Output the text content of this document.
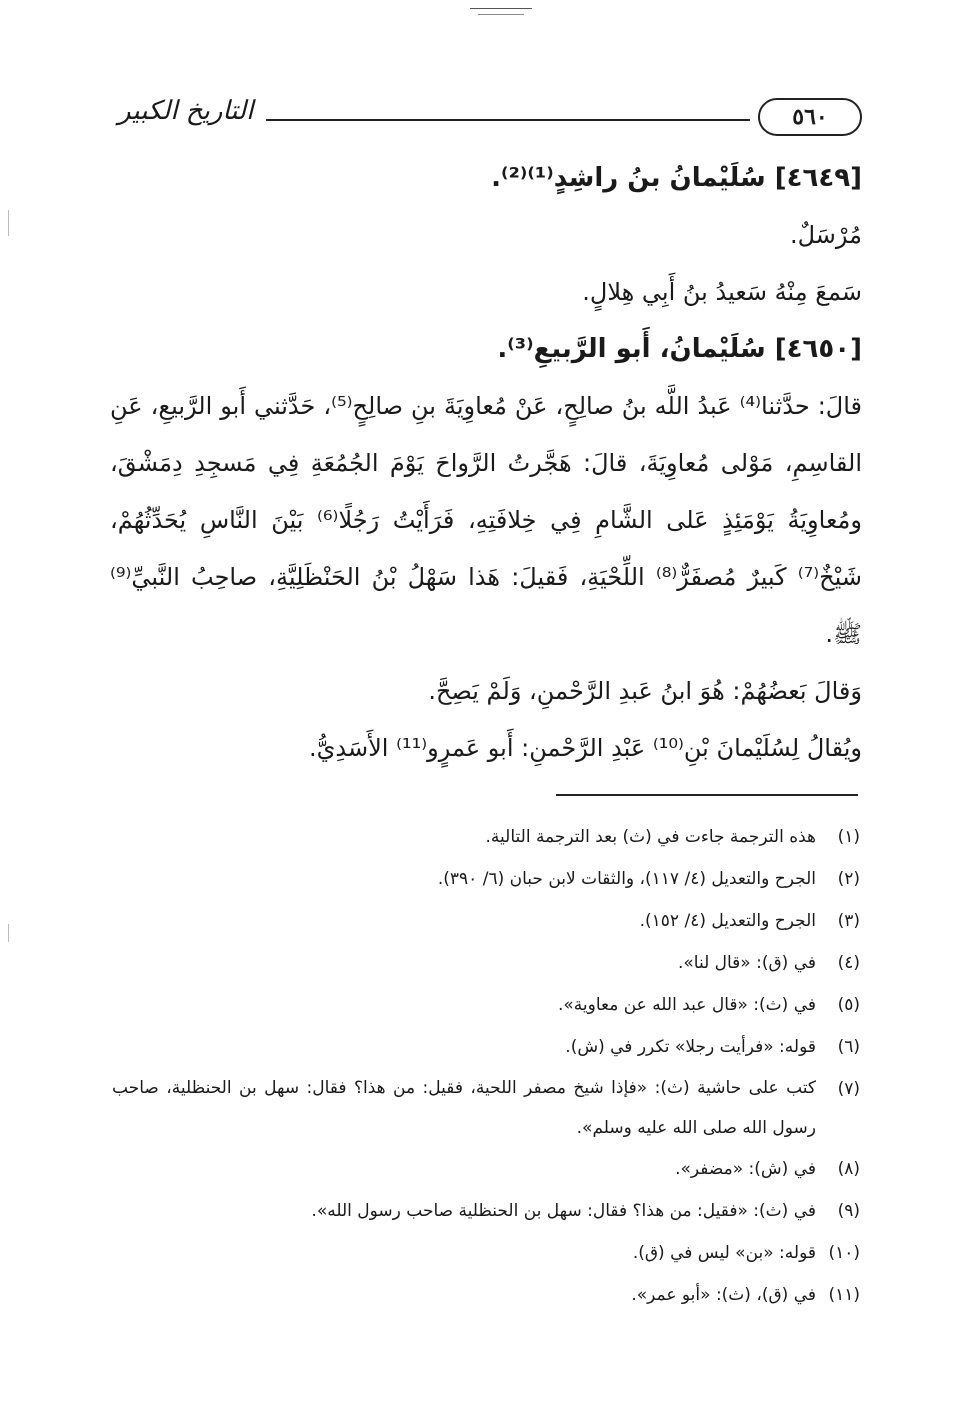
التاريخ الكبير	٥٦٠
[٤٦٤٩] سُلَيْمانُ بنُ راشِدٍ⁽¹⁾⁽²⁾.
مُرْسَلٌ.
سَمعَ مِنْهُ سَعيدُ بنُ أَبِي هِلالٍ.
[٤٦٥٠] سُلَيْمانُ، أَبو الرَّبيعِ⁽³⁾.
قالَ: حدَّثنا⁽⁴⁾ عَبدُ اللَّه بنُ صالِحٍ، عَنْ مُعاوِيَةَ بنِ صالِحٍ⁽⁵⁾، حَدَّثني أَبو الرَّبيعِ، عَنِ القاسِمِ، مَوْلى مُعاوِيَةَ، قالَ: هَجَّرتُ الرَّواحَ يَوْمَ الجُمُعَةِ فِي مَسجِدِ دِمَشْقَ، ومُعاوِيَةُ يَوْمَئِذٍ عَلى الشَّامِ فِي خِلافَتِهِ، فَرَأَيْتُ رَجُلًا⁽⁶⁾ بَيْنَ النَّاسِ يُحَدِّثُهُمْ، شَيْخٌ⁽⁷⁾ كَبيرٌ مُصفَرٌّ⁽⁸⁾ اللِّحْيَةِ، فَقيلَ: هَذا سَهْلُ بْنُ الحَنْظَلِيَّةِ، صاحِبُ النَّبيِّ⁽⁹⁾ ﷺ.
وَقالَ بَعضُهُمْ: هُوَ ابنُ عَبدِ الرَّحْمنِ، وَلَمْ يَصِحَّ.
ويُقالُ لِسُلَيْمانَ بْنِ⁽¹⁰⁾ عَبْدِ الرَّحْمنِ: أَبو عَمرٍو⁽¹¹⁾ الأَسَدِيُّ.
(١)
هذه الترجمة جاءت في (ث) بعد الترجمة التالية.
(٢)
الجرح والتعديل (٤/ ١١٧)، والثقات لابن حبان (٦/ ٣٩٠).
(٣)
الجرح والتعديل (٤/ ١٥٢).
(٤)
في (ق): «قال لنا».
(٥)
في (ث): «قال عبد الله عن معاوية».
(٦)
قوله: «فرأيت رجلا» تكرر في (ش).
(٧)
كتب على حاشية (ث): «فإذا شيخ مصفر اللحية، فقيل: من هذا؟ فقال: سهل بن الحنظلية، صاحب رسول الله صلى الله عليه وسلم».
(٨)
في (ش): «مضفر».
(٩)
في (ث): «فقيل: من هذا؟ فقال: سهل بن الحنظلية صاحب رسول الله».
(١٠)
قوله: «بن» ليس في (ق).
(١١)
في (ق)، (ث): «أبو عمر».
